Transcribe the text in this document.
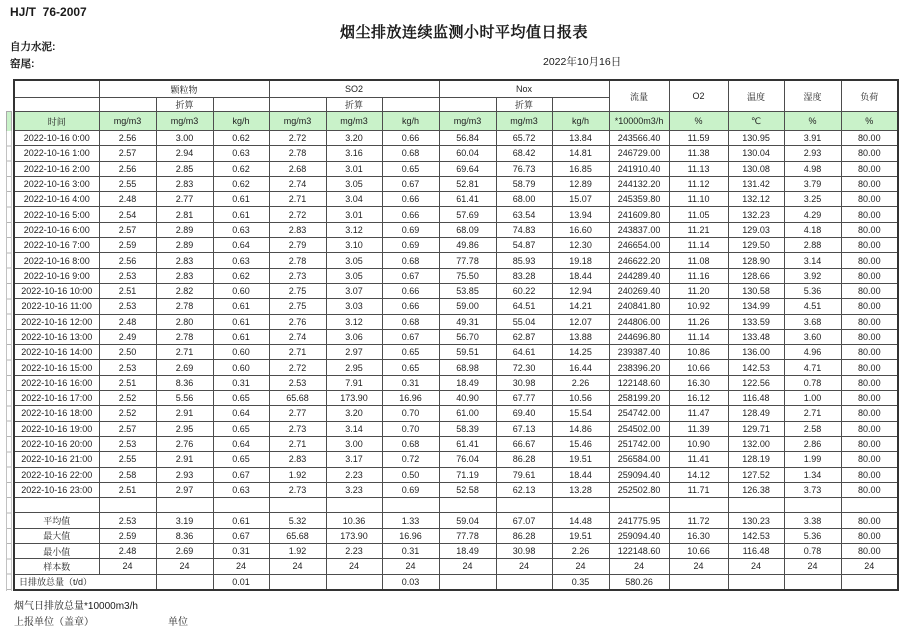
HJ/T  76-2007
烟尘排放连续监测小时平均值日报表
自力水泥:
窑尾:	2022年10月16日
	颗粒物			SO2			Nox			流量	O2	温度	湿度	负荷
		折算			折算			折算						
时间	mg/m3	mg/m3	kg/h	mg/m3	mg/m3	kg/h	mg/m3	mg/m3	kg/h	*10000m3/h	%	℃	%	%
2022-10-16 0:00	2.56	3.00	0.62	2.72	3.20	0.66	56.84	65.72	13.84	243566.40	11.59	130.95	3.91	80.00
2022-10-16 1:00	2.57	2.94	0.63	2.78	3.16	0.68	60.04	68.42	14.81	246729.00	11.38	130.04	2.93	80.00
2022-10-16 2:00	2.56	2.85	0.62	2.68	3.01	0.65	69.64	76.73	16.85	241910.40	11.13	130.08	4.98	80.00
2022-10-16 3:00	2.55	2.83	0.62	2.74	3.05	0.67	52.81	58.79	12.89	244132.20	11.12	131.42	3.79	80.00
2022-10-16 4:00	2.48	2.77	0.61	2.71	3.04	0.66	61.41	68.00	15.07	245359.80	11.10	132.12	3.25	80.00
2022-10-16 5:00	2.54	2.81	0.61	2.72	3.01	0.66	57.69	63.54	13.94	241609.80	11.05	132.23	4.29	80.00
2022-10-16 6:00	2.57	2.89	0.63	2.83	3.12	0.69	68.09	74.83	16.60	243837.00	11.21	129.03	4.18	80.00
2022-10-16 7:00	2.59	2.89	0.64	2.79	3.10	0.69	49.86	54.87	12.30	246654.00	11.14	129.50	2.88	80.00
2022-10-16 8:00	2.56	2.83	0.63	2.78	3.05	0.68	77.78	85.93	19.18	246622.20	11.08	128.90	3.14	80.00
2022-10-16 9:00	2.53	2.83	0.62	2.73	3.05	0.67	75.50	83.28	18.44	244289.40	11.16	128.66	3.92	80.00
2022-10-16 10:00	2.51	2.82	0.60	2.75	3.07	0.66	53.85	60.22	12.94	240269.40	11.20	130.58	5.36	80.00
2022-10-16 11:00	2.53	2.78	0.61	2.75	3.03	0.66	59.00	64.51	14.21	240841.80	10.92	134.99	4.51	80.00
2022-10-16 12:00	2.48	2.80	0.61	2.76	3.12	0.68	49.31	55.04	12.07	244806.00	11.26	133.59	3.68	80.00
2022-10-16 13:00	2.49	2.78	0.61	2.74	3.06	0.67	56.70	62.87	13.88	244696.80	11.14	133.48	3.60	80.00
2022-10-16 14:00	2.50	2.71	0.60	2.71	2.97	0.65	59.51	64.61	14.25	239387.40	10.86	136.00	4.96	80.00
2022-10-16 15:00	2.53	2.69	0.60	2.72	2.95	0.65	68.98	72.30	16.44	238396.20	10.66	142.53	4.71	80.00
2022-10-16 16:00	2.51	8.36	0.31	2.53	7.91	0.31	18.49	30.98	2.26	122148.60	16.30	122.56	0.78	80.00
2022-10-16 17:00	2.52	5.56	0.65	65.68	173.90	16.96	40.90	67.77	10.56	258199.20	16.12	116.48	1.00	80.00
2022-10-16 18:00	2.52	2.91	0.64	2.77	3.20	0.70	61.00	69.40	15.54	254742.00	11.47	128.49	2.71	80.00
2022-10-16 19:00	2.57	2.95	0.65	2.73	3.14	0.70	58.39	67.13	14.86	254502.00	11.39	129.71	2.58	80.00
2022-10-16 20:00	2.53	2.76	0.64	2.71	3.00	0.68	61.41	66.67	15.46	251742.00	10.90	132.00	2.86	80.00
2022-10-16 21:00	2.55	2.91	0.65	2.83	3.17	0.72	76.04	86.28	19.51	256584.00	11.41	128.19	1.99	80.00
2022-10-16 22:00	2.58	2.93	0.67	1.92	2.23	0.50	71.19	79.61	18.44	259094.40	14.12	127.52	1.34	80.00
2022-10-16 23:00	2.51	2.97	0.63	2.73	3.23	0.69	52.58	62.13	13.28	252502.80	11.71	126.38	3.73	80.00

平均值	2.53	3.19	0.61	5.32	10.36	1.33	59.04	67.07	14.48	241775.95	11.72	130.23	3.38	80.00
最大值	2.59	8.36	0.67	65.68	173.90	16.96	77.78	86.28	19.51	259094.40	16.30	142.53	5.36	80.00
最小值	2.48	2.69	0.31	1.92	2.23	0.31	18.49	30.98	2.26	122148.60	10.66	116.48	0.78	80.00
样本数	24	24	24	24	24	24	24	24	24	24	24	24	24	24
日排放总量（t/d）			0.01			0.03			0.35	580.26				
烟气日排放总量*10000m3/h
上报单位（盖章）	单位
